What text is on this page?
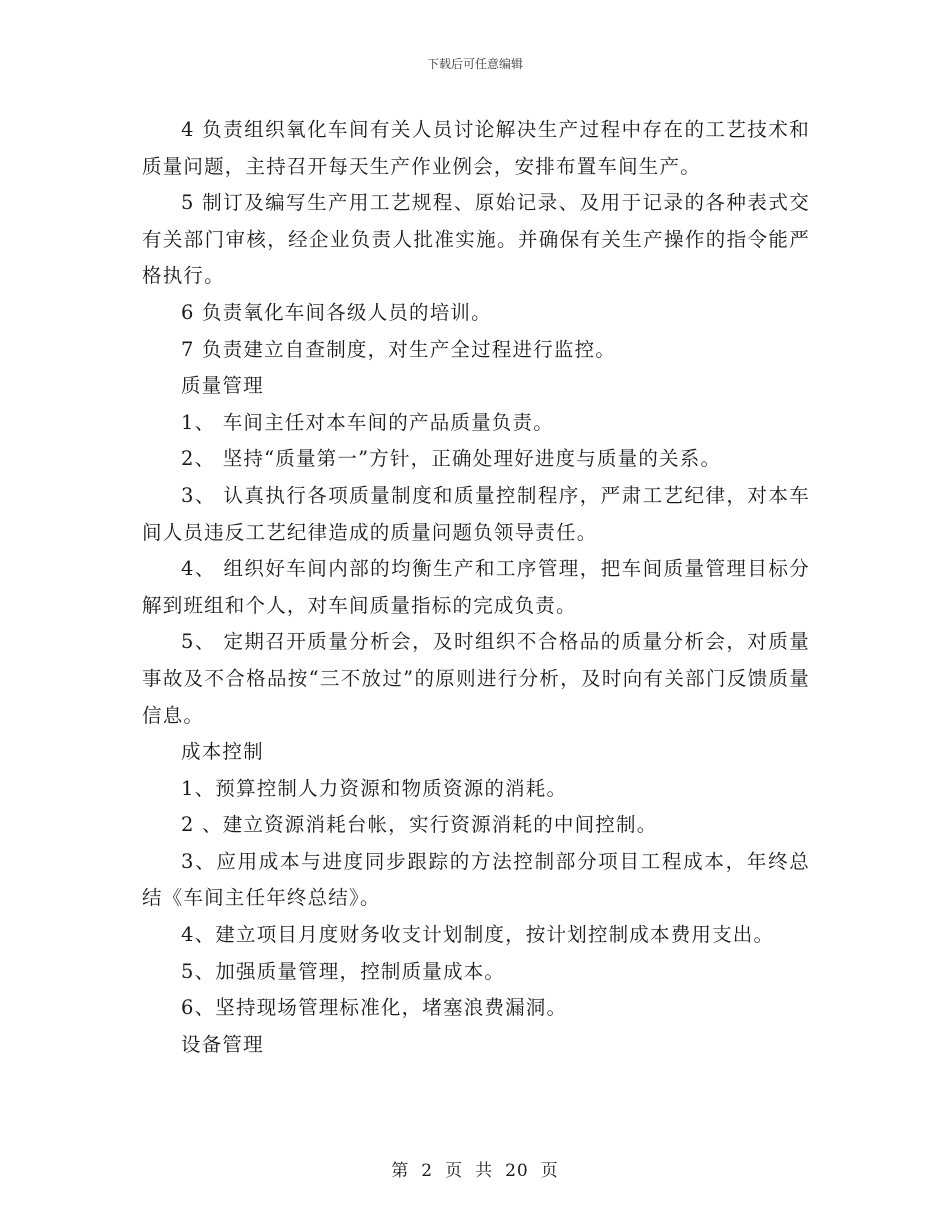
下载后可任意编辑

4 负责组织氧化车间有关人员讨论解决生产过程中存在的工艺技术和质量问题，主持召开每天生产作业例会，安排布置车间生产。

5 制订及编写生产用工艺规程、原始记录、及用于记录的各种表式交有关部门审核，经企业负责人批准实施。并确保有关生产操作的指令能严格执行。

6 负责氧化车间各级人员的培训。

7 负责建立自查制度，对生产全过程进行监控。

质量管理

1、 车间主任对本车间的产品质量负责。

2、 坚持“质量第一”方针，正确处理好进度与质量的关系。

3、 认真执行各项质量制度和质量控制程序，严肃工艺纪律，对本车间人员违反工艺纪律造成的质量问题负领导责任。

4、 组织好车间内部的均衡生产和工序管理，把车间质量管理目标分解到班组和个人，对车间质量指标的完成负责。

5、 定期召开质量分析会，及时组织不合格品的质量分析会，对质量事故及不合格品按“三不放过”的原则进行分析，及时向有关部门反馈质量信息。

成本控制

1、预算控制人力资源和物质资源的消耗。

2 、建立资源消耗台帐，实行资源消耗的中间控制。

3、应用成本与进度同步跟踪的方法控制部分项目工程成本，年终总结《车间主任年终总结》。

4、建立项目月度财务收支计划制度，按计划控制成本费用支出。

5、加强质量管理，控制质量成本。

6、坚持现场管理标准化，堵塞浪费漏洞。

设备管理

第 2 页 共 20 页
